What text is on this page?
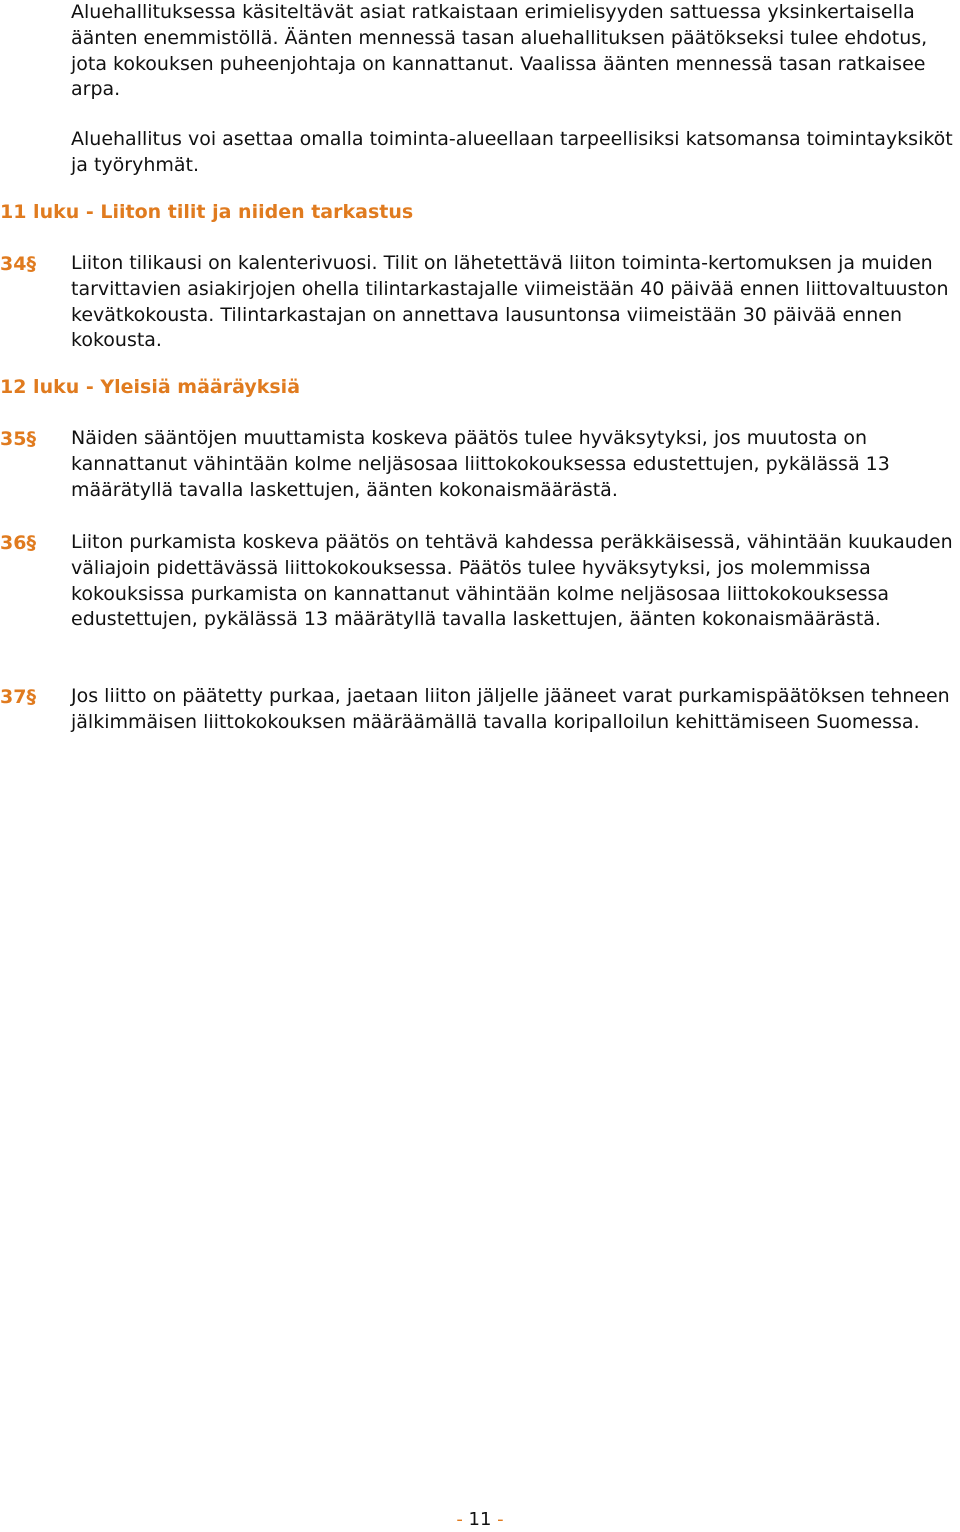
Aluehallituksessa käsiteltävät asiat ratkaistaan erimielisyyden sattuessa yksinkertaisella äänten enemmistöllä. Äänten mennessä tasan aluehallituksen päätökseksi tulee ehdotus, jota kokouksen puheenjohtaja on kannattanut. Vaalissa äänten mennessä tasan ratkaisee arpa.

Aluehallitus voi asettaa omalla toiminta-alueellaan tarpeellisiksi katsomansa toimintayksiköt ja työryhmät.

11 luku - Liiton tilit ja niiden tarkastus
34§ Liiton tilikausi on kalenterivuosi. Tilit on lähetettävä liiton toiminta-kertomuksen ja muiden tarvittavien asiakirjojen ohella tilintarkastajalle viimeistään 40 päivää ennen liittovaltuuston kevätkokousta. Tilintarkastajan on annettava lausuntonsa viimeistään 30 päivää ennen kokousta.

12 luku - Yleisiä määräyksiä
35§ Näiden sääntöjen muuttamista koskeva päätös tulee hyväksytyksi, jos muutosta on kannattanut vähintään kolme neljäsosaa liittokokouksessa edustettujen, pykälässä 13 määrätyllä tavalla laskettujen, äänten kokonaismäärästä.

36§ Liiton purkamista koskeva päätös on tehtävä kahdessa peräkkäisessä, vähintään kuukauden väliajoin pidettävässä liittokokouksessa. Päätös tulee hyväksytyksi, jos molemmissa kokouksissa purkamista on kannattanut vähintään kolme neljäsosaa liittokokouksessa edustettujen, pykälässä 13 määrätyllä tavalla laskettujen, äänten kokonaismäärästä.

37§ Jos liitto on päätetty purkaa, jaetaan liiton jäljelle jääneet varat purkamispäätöksen tehneen jälkimmäisen liittokokouksen määräämällä tavalla koripalloilun kehittämiseen Suomessa.

- 11 -
